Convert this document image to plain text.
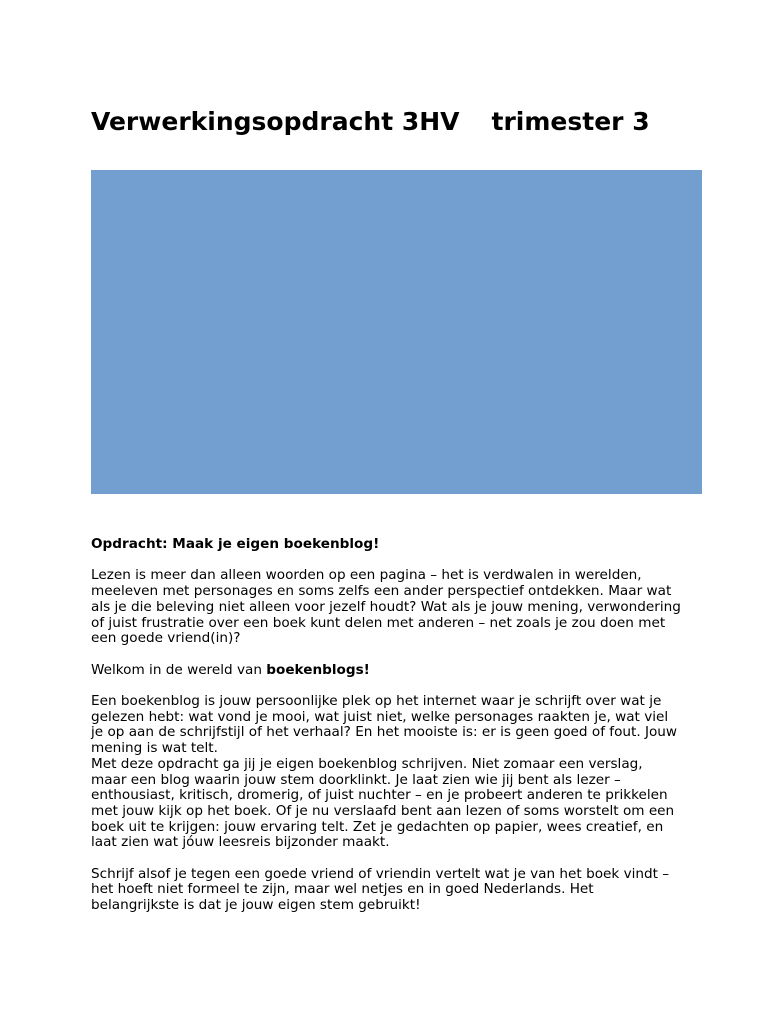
Verwerkingsopdracht 3HV trimester 3

Opdracht: Maak je eigen boekenblog!

Lezen is meer dan alleen woorden op een pagina – het is verdwalen in werelden, meeleven met personages en soms zelfs een ander perspectief ontdekken. Maar wat als je die beleving niet alleen voor jezelf houdt? Wat als je jouw mening, verwondering of juist frustratie over een boek kunt delen met anderen – net zoals je zou doen met een goede vriend(in)?

Welkom in de wereld van boekenblogs!

Een boekenblog is jouw persoonlijke plek op het internet waar je schrijft over wat je gelezen hebt: wat vond je mooi, wat juist niet, welke personages raakten je, wat viel je op aan de schrijfstijl of het verhaal? En het mooiste is: er is geen goed of fout. Jouw mening is wat telt.
Met deze opdracht ga jij je eigen boekenblog schrijven. Niet zomaar een verslag, maar een blog waarin jouw stem doorklinkt. Je laat zien wie jij bent als lezer – enthousiast, kritisch, dromerig, of juist nuchter – en je probeert anderen te prikkelen met jouw kijk op het boek. Of je nu verslaafd bent aan lezen of soms worstelt om een boek uit te krijgen: jouw ervaring telt. Zet je gedachten op papier, wees creatief, en laat zien wat jóuw leesreis bijzonder maakt.

Schrijf alsof je tegen een goede vriend of vriendin vertelt wat je van het boek vindt – het hoeft niet formeel te zijn, maar wel netjes en in goed Nederlands. Het belangrijkste is dat je jouw eigen stem gebruikt!
